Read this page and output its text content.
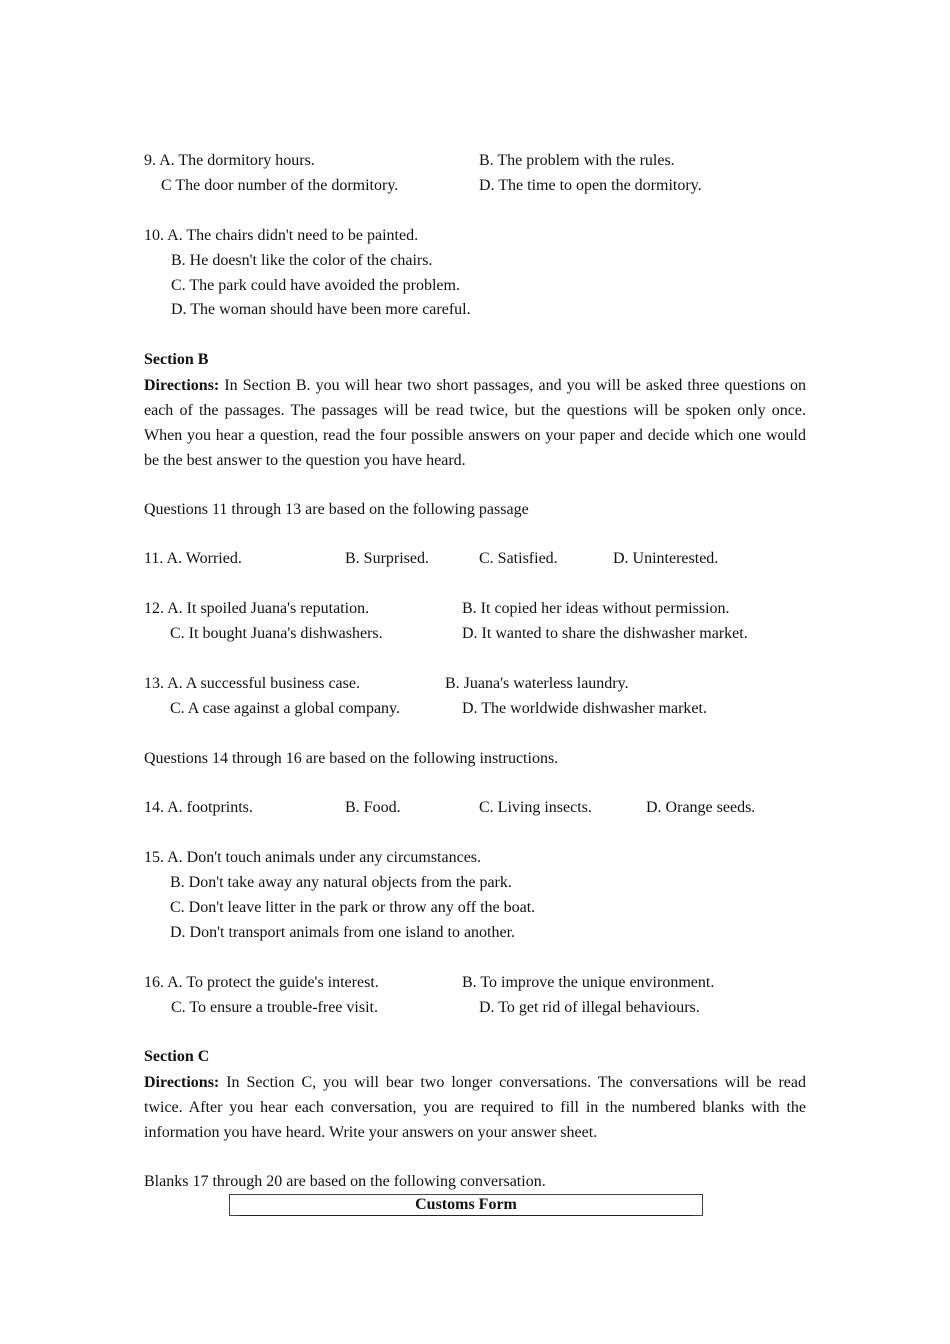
9. A. The dormitory hours.	B. The problem with the rules.
C The door number of the dormitory.	D. The time to open the dormitory.
10. A. The chairs didn't need to be painted.
B. He doesn't like the color of the chairs.
C. The park could have avoided the problem.
D. The woman should have been more careful.
Section B

Directions: In Section B. you will hear two short passages, and you will be asked three questions on each of the passages. The passages will be read twice, but the questions will be spoken only once. When you hear a question, read the four possible answers on your paper and decide which one would be the best answer to the question you have heard.

Questions 11 through 13 are based on the following passage
11. A. Worried.	B. Surprised.	C. Satisfied.	D. Uninterested.
12. A. It spoiled Juana's reputation.	B. It copied her ideas without permission.
C. It bought Juana's dishwashers.	D. It wanted to share the dishwasher market.
13. A. A successful business case.	B. Juana's waterless laundry.
C. A case against a global company.	D. The worldwide dishwasher market.
Questions 14 through 16 are based on the following instructions.
14. A. footprints.	B. Food.	C. Living insects.	D. Orange seeds.
15. A. Don't touch animals under any circumstances.
B. Don't take away any natural objects from the park.
C. Don't leave litter in the park or throw any off the boat.
D. Don't transport animals from one island to another.
16. A. To protect the guide's interest.	B. To improve the unique environment.
C. To ensure a trouble-free visit.	D. To get rid of illegal behaviours.
Section C

Directions: In Section C, you will bear two longer conversations. The conversations will be read twice. After you hear each conversation, you are required to fill in the numbered blanks with the information you have heard. Write your answers on your answer sheet.

Blanks 17 through 20 are based on the following conversation.
Customs Form
